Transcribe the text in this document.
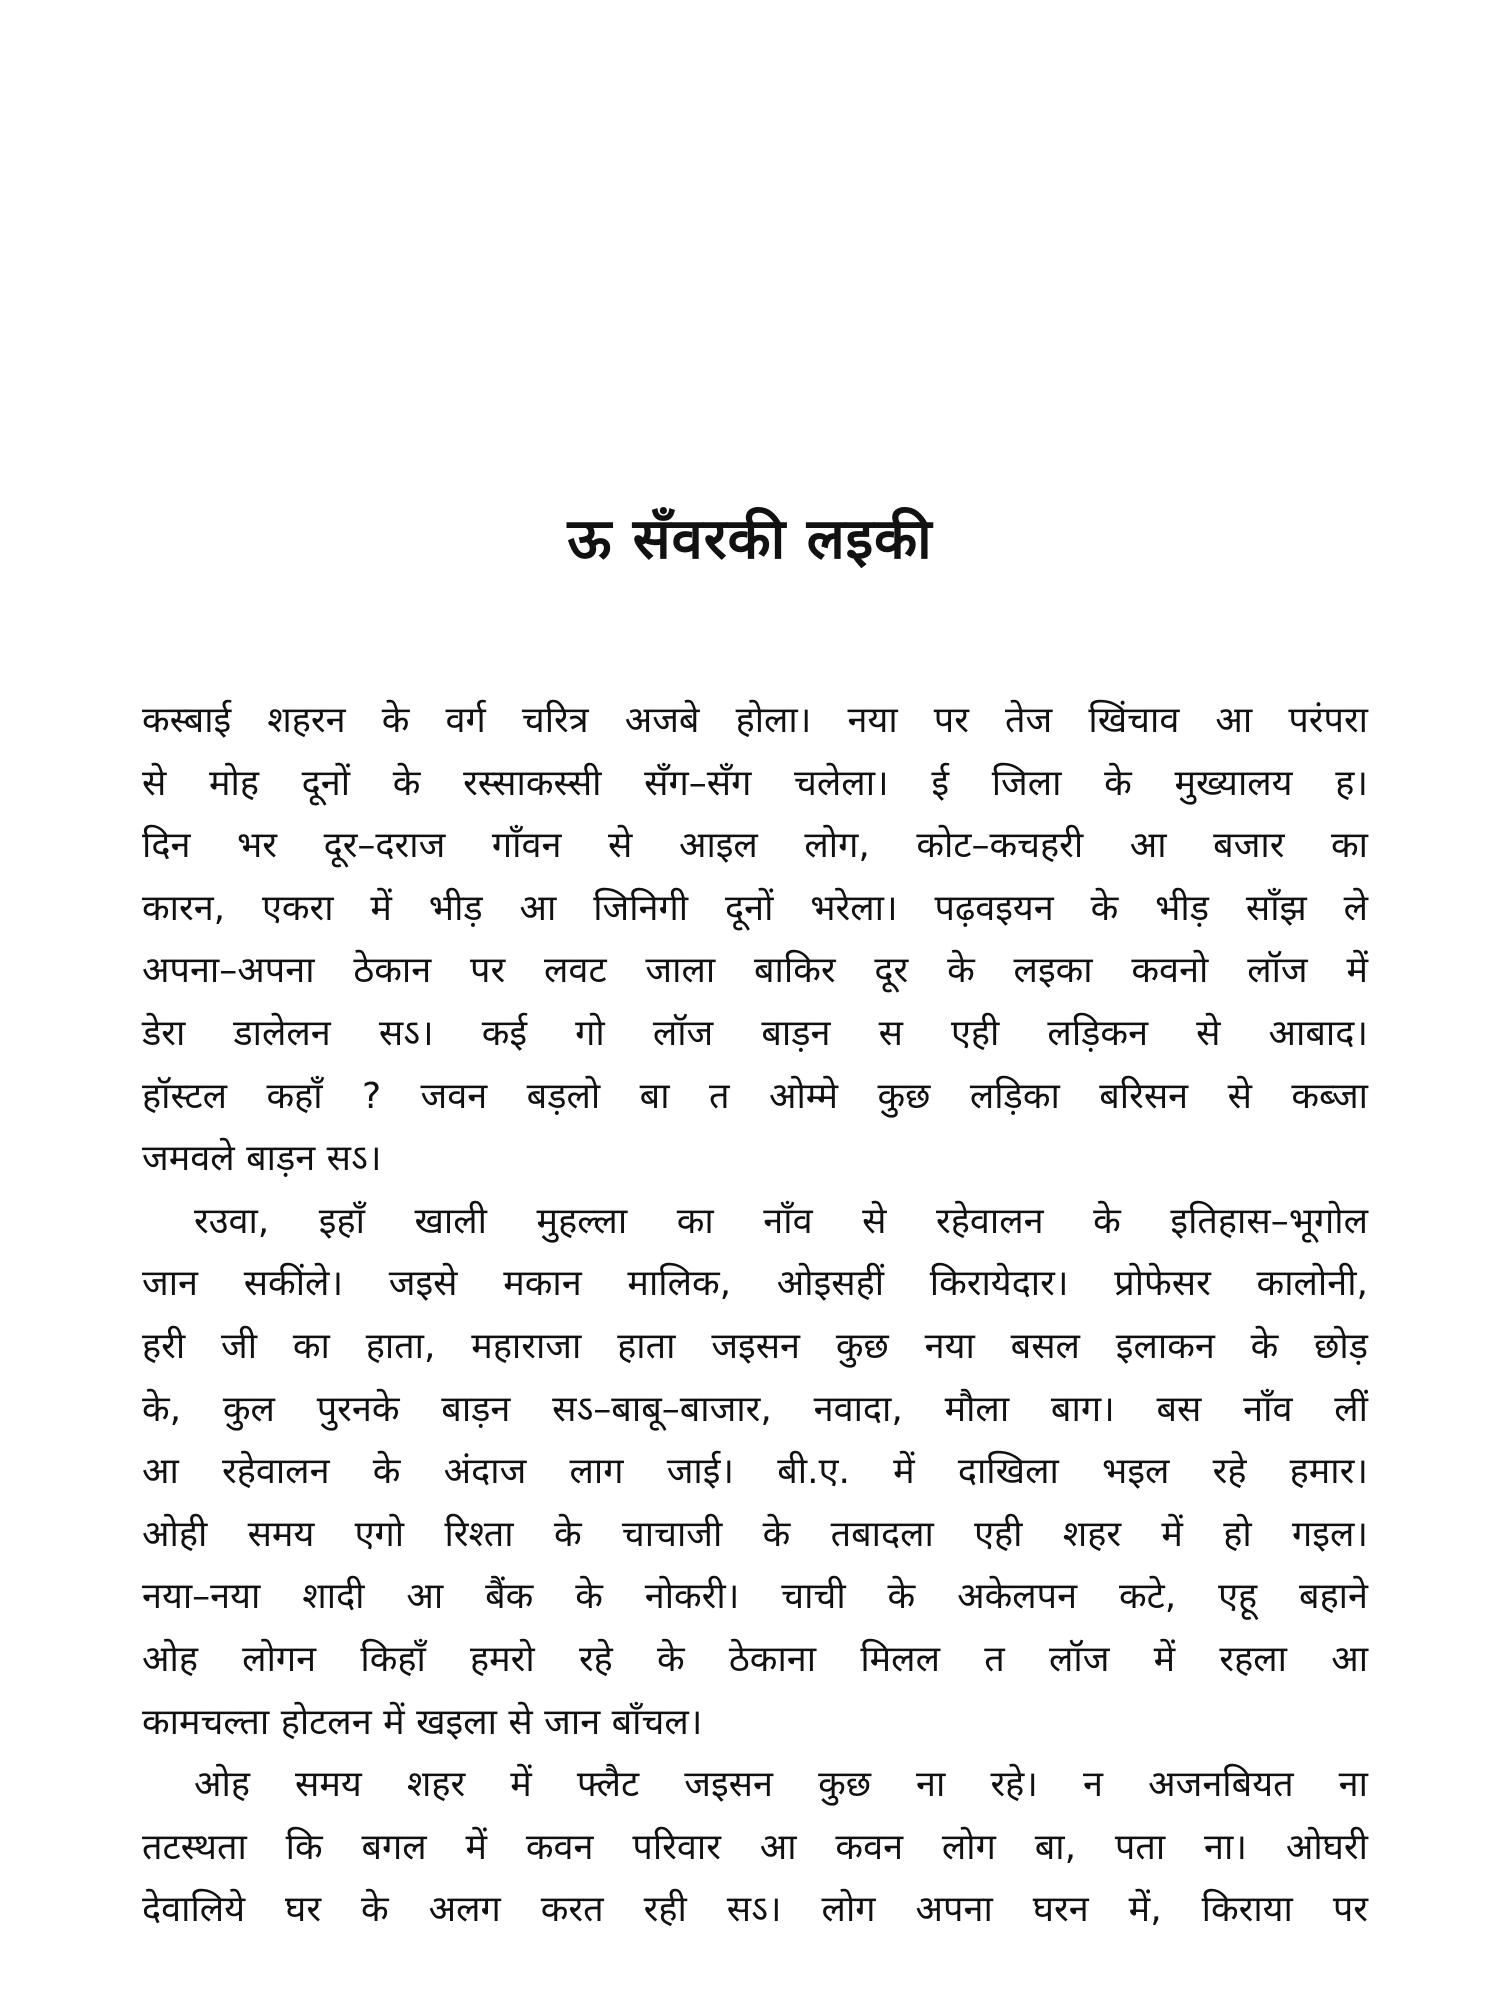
ऊ सँवरकी लइकी
कस्बाई शहरन के वर्ग चरित्र अजबे होला। नया पर तेज खिंचाव आ परंपरा
से मोह दूनों के रस्साकस्सी सँग–सँग चलेला। ई जिला के मुख्यालय ह।
दिन भर दूर–दराज गाँवन से आइल लोग, कोट–कचहरी आ बजार का
कारन, एकरा में भीड़ आ जिनिगी दूनों भरेला। पढ़वइयन के भीड़ साँझ ले
अपना–अपना ठेकान पर लवट जाला बाकिर दूर के लइका कवनो लॉज में
डेरा डालेलन सऽ। कई गो लॉज बाड़न स एही लड़िकन से आबाद।
हॉस्टल कहाँ ? जवन बड़लो बा त ओम्मे कुछ लड़िका बरिसन से कब्जा
जमवले बाड़न सऽ।
रउवा, इहाँ खाली मुहल्ला का नाँव से रहेवालन के इतिहास–भूगोल
जान सकींले। जइसे मकान मालिक, ओइसहीं किरायेदार। प्रोफेसर कालोनी,
हरी जी का हाता, महाराजा हाता जइसन कुछ नया बसल इलाकन के छोड़
के, कुल पुरनके बाड़न सऽ–बाबू–बाजार, नवादा, मौला बाग। बस नाँव लीं
आ रहेवालन के अंदाज लाग जाई। बी.ए. में दाखिला भइल रहे हमार।
ओही समय एगो रिश्ता के चाचाजी के तबादला एही शहर में हो गइल।
नया–नया शादी आ बैंक के नोकरी। चाची के अकेलपन कटे, एहू बहाने
ओह लोगन किहाँ हमरो रहे के ठेकाना मिलल त लॉज में रहला आ
कामचल्ता होटलन में खइला से जान बाँचल।
ओह समय शहर में फ्लैट जइसन कुछ ना रहे। न अजनबियत ना
तटस्थता कि बगल में कवन परिवार आ कवन लोग बा, पता ना। ओघरी
देवालिये घर के अलग करत रही सऽ। लोग अपना घरन में, किराया पर
